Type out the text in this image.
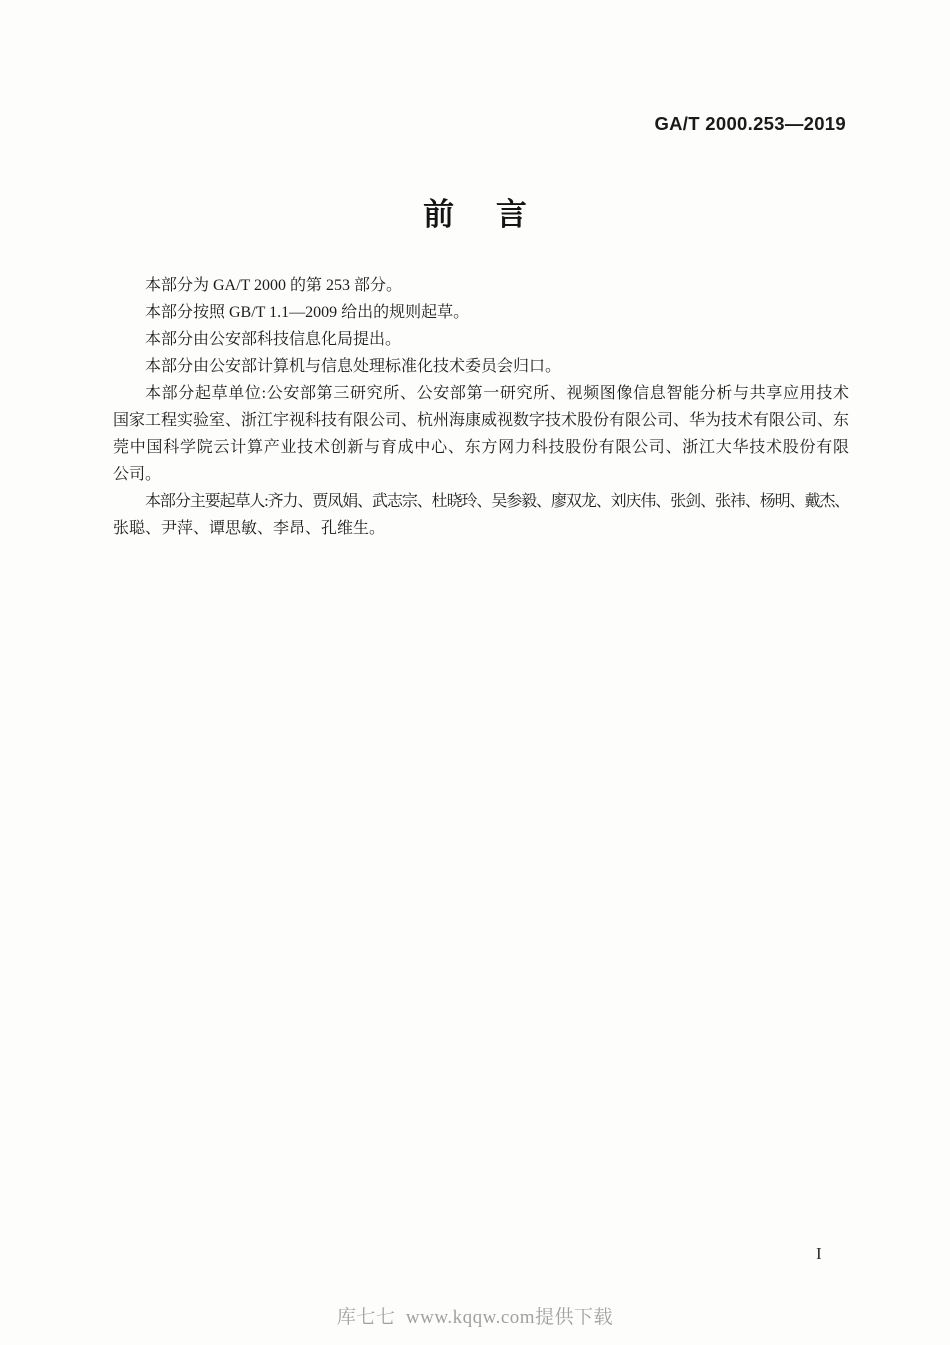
GA/T 2000.253—2019
前言
本部分为 GA/T 2000 的第 253 部分。
本部分按照 GB/T 1.1—2009 给出的规则起草。
本部分由公安部科技信息化局提出。
本部分由公安部计算机与信息处理标准化技术委员会归口。
本部分起草单位:公安部第三研究所、公安部第一研究所、视频图像信息智能分析与共享应用技术
国家工程实验室、浙江宇视科技有限公司、杭州海康威视数字技术股份有限公司、华为技术有限公司、东
莞中国科学院云计算产业技术创新与育成中心、东方网力科技股份有限公司、浙江大华技术股份有限
公司。
本部分主要起草人:齐力、贾凤娟、武志宗、杜晓玲、吴参毅、廖双龙、刘庆伟、张剑、张祎、杨明、戴杰、
张聪、尹萍、谭思敏、李昂、孔维生。
I
库七七  www.kqqw.com提供下载
